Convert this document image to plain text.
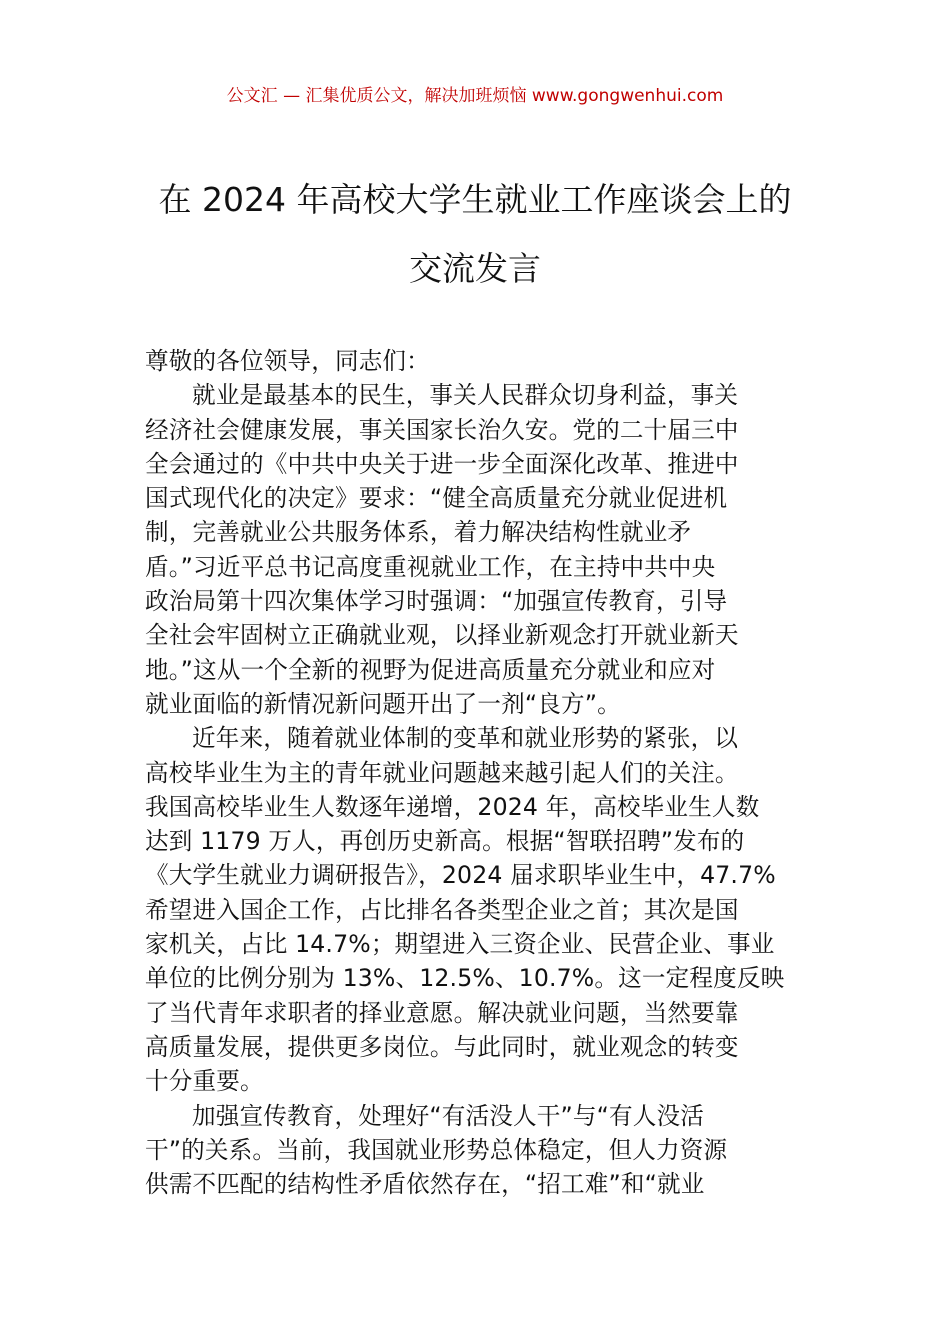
公文汇 — 汇集优质公文，解决加班烦恼 www.gongwenhui.com
在 2024 年高校大学生就业工作座谈会上的
交流发言
尊敬的各位领导，同志们：
就业是最基本的民生，事关人民群众切身利益，事关
经济社会健康发展，事关国家长治久安。党的二十届三中
全会通过的《中共中央关于进一步全面深化改革、推进中
国式现代化的决定》要求：“健全高质量充分就业促进机
制，完善就业公共服务体系，着力解决结构性就业矛
盾。”习近平总书记高度重视就业工作，在主持中共中央
政治局第十四次集体学习时强调：“加强宣传教育，引导
全社会牢固树立正确就业观，以择业新观念打开就业新天
地。”这从一个全新的视野为促进高质量充分就业和应对
就业面临的新情况新问题开出了一剂“良方”。
近年来，随着就业体制的变革和就业形势的紧张，以
高校毕业生为主的青年就业问题越来越引起人们的关注。
我国高校毕业生人数逐年递增，2024 年，高校毕业生人数
达到 1179 万人，再创历史新高。根据“智联招聘”发布的
《大学生就业力调研报告》，2024 届求职毕业生中，47.7%
希望进入国企工作，占比排名各类型企业之首；其次是国
家机关，占比 14.7%；期望进入三资企业、民营企业、事业
单位的比例分别为 13%、12.5%、10.7%。这一定程度反映
了当代青年求职者的择业意愿。解决就业问题，当然要靠
高质量发展，提供更多岗位。与此同时，就业观念的转变
十分重要。
加强宣传教育，处理好“有活没人干”与“有人没活
干”的关系。当前，我国就业形势总体稳定，但人力资源
供需不匹配的结构性矛盾依然存在，“招工难”和“就业
